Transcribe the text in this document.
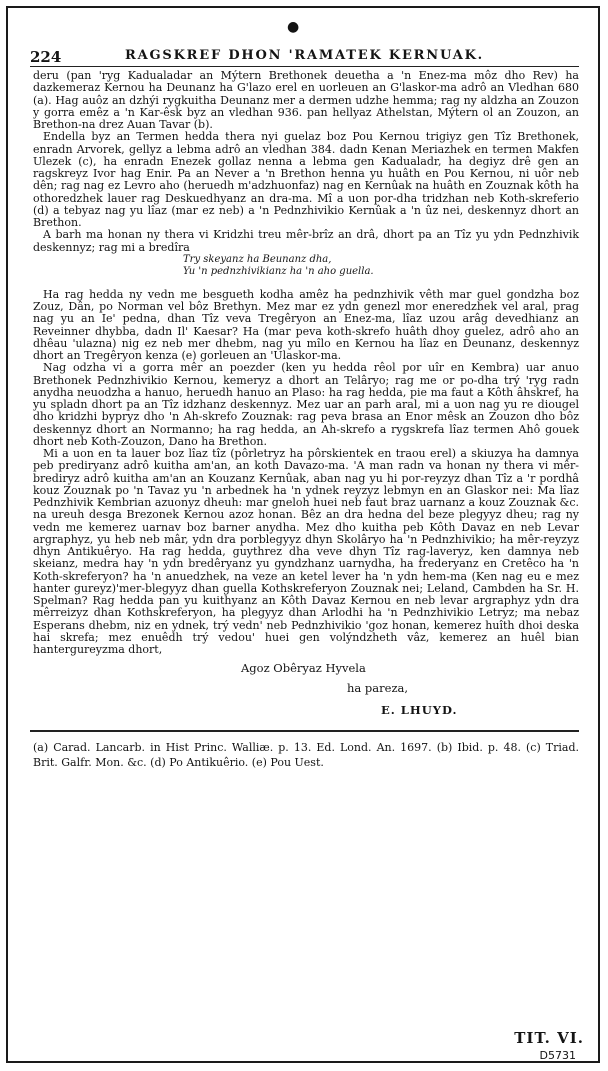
●
224	RAGSKREF DHON 'RAMATEK KERNUAK.

deru (pan 'ryg Kadualadar an Mýtern Brethonek deuetha a 'n Enez-ma môz dho Rev) ha dazkemeraz Kernou ha Deunanz ha G'lazo erel en uorleuen an G'laskor-ma adrô an Vledhan 680 (a). Hag auôz an dzhýi rygkuitha Deunanz mer a dermen udzhe hemma; rag ny aldzha an Zouzon y gorra emêz a 'n Kar-êsk byz an vledhan 936. pan hellyaz Athelstan, Mýtern ol an Zouzon, an Brethon-na drez Auan Tavar (b).

Endella byz an Termen hedda thera nyi guelaz boz Pou Kernou trigiyz gen Tîz Brethonek, enradn Arvorek, gellyz a lebma adrô an vledhan 384. dadn Kenan Meriazhek en termen Makfen Ulezek (c), ha enradn Enezek gollaz nenna a lebma gen Kadualadr, ha degiyz drê gen an ragskreyz Ivor hag Enir. Pa an Never a 'n Brethon henna yu huâth en Pou Kernou, ni uôr neb dên; rag nag ez Levro aho (heruedh m'adzhuonfaz) nag en Kernûak na huâth en Zouznak kôth ha othoredzhek lauer rag Deskuedhyanz an dra-ma. Mî a uon por-dha tridzhan neb Koth-skreferio (d) a tebyaz nag yu lîaz (mar ez neb) a 'n Pednzhivikio Kernûak a 'n ûz nei, deskennyz dhort an Brethon.

A barh ma honan ny thera vi Kridzhi treu mêr-brîz an drâ, dhort pa an Tîz yu ydn Pednzhivik deskennyz; rag mi a bredîra

Try skeyanz ha Beunanz dha,

Yu 'n pednzhivikianz ha 'n aho guella.

Ha rag hedda ny vedn me besgueth kodha amêz ha pednzhivik vêth mar guel gondzha boz Zouz, Dân, po Norman vel bôz Brethyn. Mez mar ez ydn genezl mor eneredzhek vel aral, prag nag yu an Ie' pedna, dhan Tîz veva Tregêryon an Enez-ma, lîaz uzou arâg devedhianz an Reveinner dhybba, dadn Il' Kaesar? Ha (mar peva koth-skrefo huâth dhoy guelez, adrô aho an dhêau 'ulazna) nig ez neb mer dhebm, nag yu mîlo en Kernou ha lîaz en Deunanz, deskennyz dhort an Tregêryon kenza (e) gorleuen an 'Ulaskor-ma.

Nag odzha vi a gorra mêr an poezder (ken yu hedda rêol por uîr en Kembra) uar anuo Brethonek Pednzhivikio Kernou, kemeryz a dhort an Telâryo; rag me or po-dha trý 'ryg radn anydha neuodzha a hanuo, heruedh hanuo an Plaso: ha rag hedda, pie ma faut a Kôth âhskref, ha yu spladn dhort pa an Tîz idzhanz deskennyz. Mez uar an parh aral, mi a uon nag yu re diougel dho kridzhi bypryz dho 'n Ah-skrefo Zouznak: rag peva brasa an Enor mêsk an Zouzon dho bôz deskennyz dhort an Normanno; ha rag hedda, an Ah-skrefo a rygskrefa lîaz termen Ahô gouek dhort neb Koth-Zouzon, Dano ha Brethon.

Mi a uon en ta lauer boz lîaz tîz (pôrletryz ha pôrskientek en traou erel) a skiuzya ha damnya peb prediryanz adrô kuitha am'an, an koth Davazo-ma. 'A man radn va honan ny thera vi mêr-brediryz adrô kuitha am'an an Kouzanz Kernûak, aban nag yu hi por-reyzyz dhan Tîz a 'r pordhâ kouz Zouznak po 'n Tavaz yu 'n arbednek ha 'n ydnek reyzyz lebmyn en an Glaskor nei: Ma lîaz Pednzhivik Kembrian azuonyz dheuh: mar gneloh huei neb faut braz uarnanz a kouz Zouznak &c. na ureuh desga Brezonek Kernou azoz honan. Bêz an dra hedna del beze plegyyz dheu; rag ny vedn me kemerez uarnav boz barner anydha. Mez dho kuitha peb Kôth Davaz en neb Levar argraphyz, yu heb neb mâr, ydn dra porblegyyz dhyn Skolâryo ha 'n Pednzhivikio; ha mêr-reyzyz dhyn Antikuêryo. Ha rag hedda, guythrez dha veve dhyn Tîz rag-laveryz, ken damnya neb skeianz, medra hay 'n ydn bredêryanz yu gyndzhanz uarnydha, ha frederyanz en Cretêco ha 'n Koth-skreferyon? ha 'n anuedzhek, na veze an ketel lever ha 'n ydn hem-ma (Ken nag eu e mez hanter gureyz)'mer-blegyyz dhan guella Kothskreferyon Zouznak nei; Leland, Cambden ha Sr. H. Spelman? Rag hedda pan yu kuithyanz an Kôth Davaz Kernou en neb levar argraphyz ydn dra mêrreizyz dhan Kothskreferyon, ha plegyyz dhan Arlodhi ha 'n Pednzhivikio Letryz; ma nebaz Esperans dhebm, niz en ydnek, trý vedn' neb Pednzhivikio 'goz honan, kemerez huîth dhoi deska hai skrefa; mez enuêdh trý vedou' huei gen volýndzheth vâz, kemerez an huêl bian hantergureyzma dhort,

Agoz Obêryaz Hyvela
ha pareza,
E. LHUYD.
(a) Carad. Lancarb. in Hist Princ. Walliæ. p. 13. Ed. Lond. An. 1697. (b) Ibid. p. 48. (c) Triad. Brit. Galfr. Mon. &c. (d) Po Antikuêrio. (e) Pou Uest.
TIT. VI.
D5731
